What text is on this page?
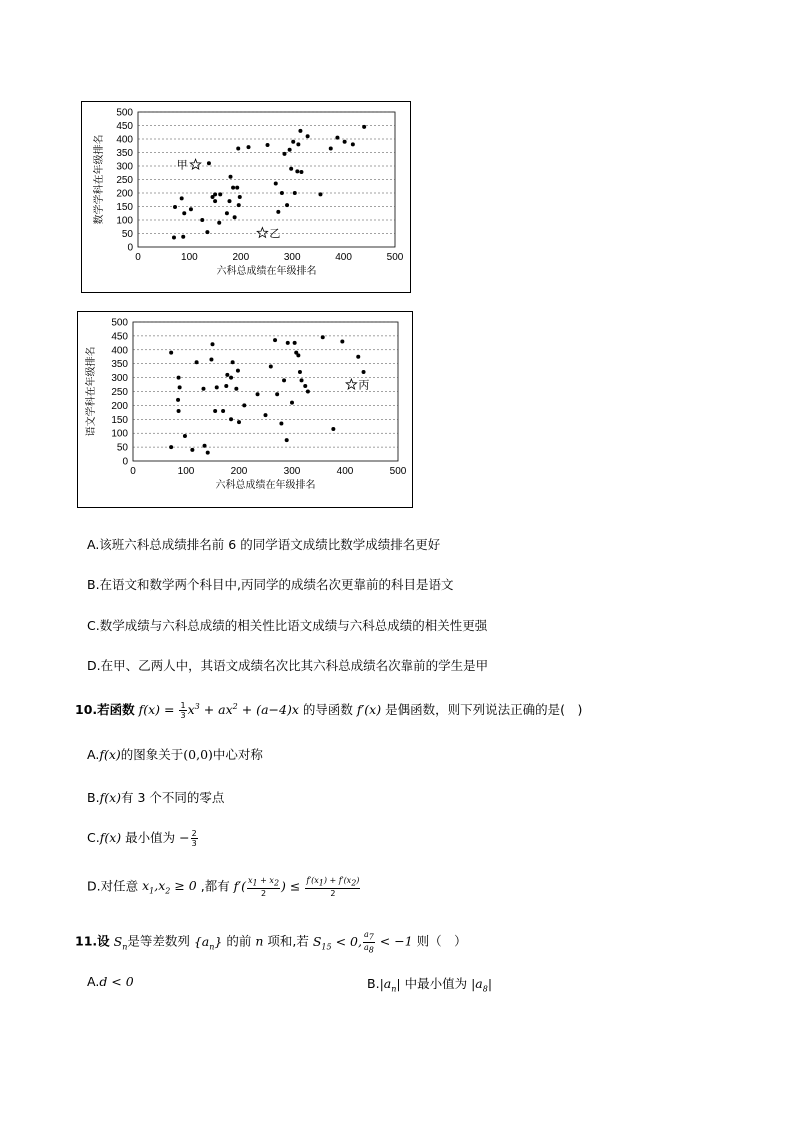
0
50
100
150
200
250
300
350
400
450
500
0	100	200	300	400	500
六科总成绩在年级排名
数学学科在年级排名	甲
乙
0
50
100
150
200
250
300
350
400
450
500
0	100	200	300	400	500
六科总成绩在年级排名
语文学科在年级排名	丙
A.该班六科总成绩排名前 6 的同学语文成绩比数学成绩排名更好
B.在语文和数学两个科目中,丙同学的成绩名次更靠前的科目是语文
C.数学成绩与六科总成绩的相关性比语文成绩与六科总成绩的相关性更强
D.在甲、乙两人中，其语文成绩名次比其六科总成绩名次靠前的学生是甲
10.若函数 $f(x) = \frac{1}{3} x^3 + ax^2 + (a-4)x$ 的导函数 f′(x) 是偶函数，则下列说法正确的是(　)
A.f(x)的图象关于(0,0)中心对称
B.f(x)有 3 个不同的零点
C.f(x) 最小值为 − $\frac{2}{3}$
D.对任意 $x_1,x_2 \ge 0$ ,都有 $f'( \frac{x_1 + x_2}{2}$ ) ≤ $\frac{f'(x_1) + f'(x_2)}{2}$
11.设 $S_n$是等差数列 $\{a_n\}$ 的前 n 项和,若 $S_{15} < 0$, $\frac{a_7}{a_8} < -1$ 则（　）
A.d < 0	$B.|a_n|$ 中最小值为 $|a_8|$
